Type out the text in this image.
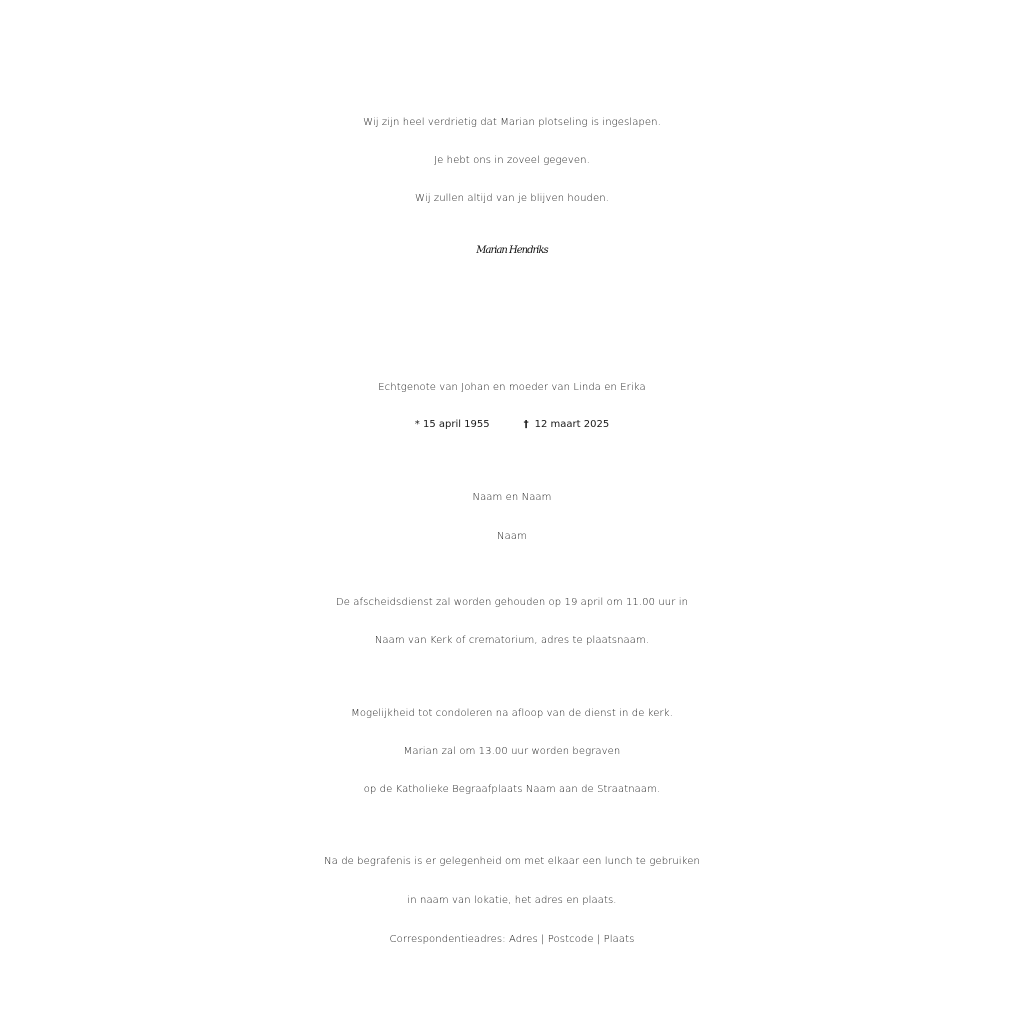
Wij zijn heel verdrietig dat Marian plotseling is ingeslapen.
Je hebt ons in zoveel gegeven.
Wij zullen altijd van je blijven houden.
Marian Hendriks
Echtgenote van Johan en moeder van Linda en Erika
* 15 april 1955	† 12 maart 2025
Naam en Naam
Naam
De afscheidsdienst zal worden gehouden op 19 april om 11.00 uur in
Naam van Kerk of crematorium, adres te plaatsnaam.
Mogelijkheid tot condoleren na afloop van de dienst in de kerk.
Marian zal om 13.00 uur worden begraven
op de Katholieke Begraafplaats Naam aan de Straatnaam.
Na de begrafenis is er gelegenheid om met elkaar een lunch te gebruiken
in naam van lokatie, het adres en plaats.
Correspondentieadres: Adres | Postcode | Plaats
